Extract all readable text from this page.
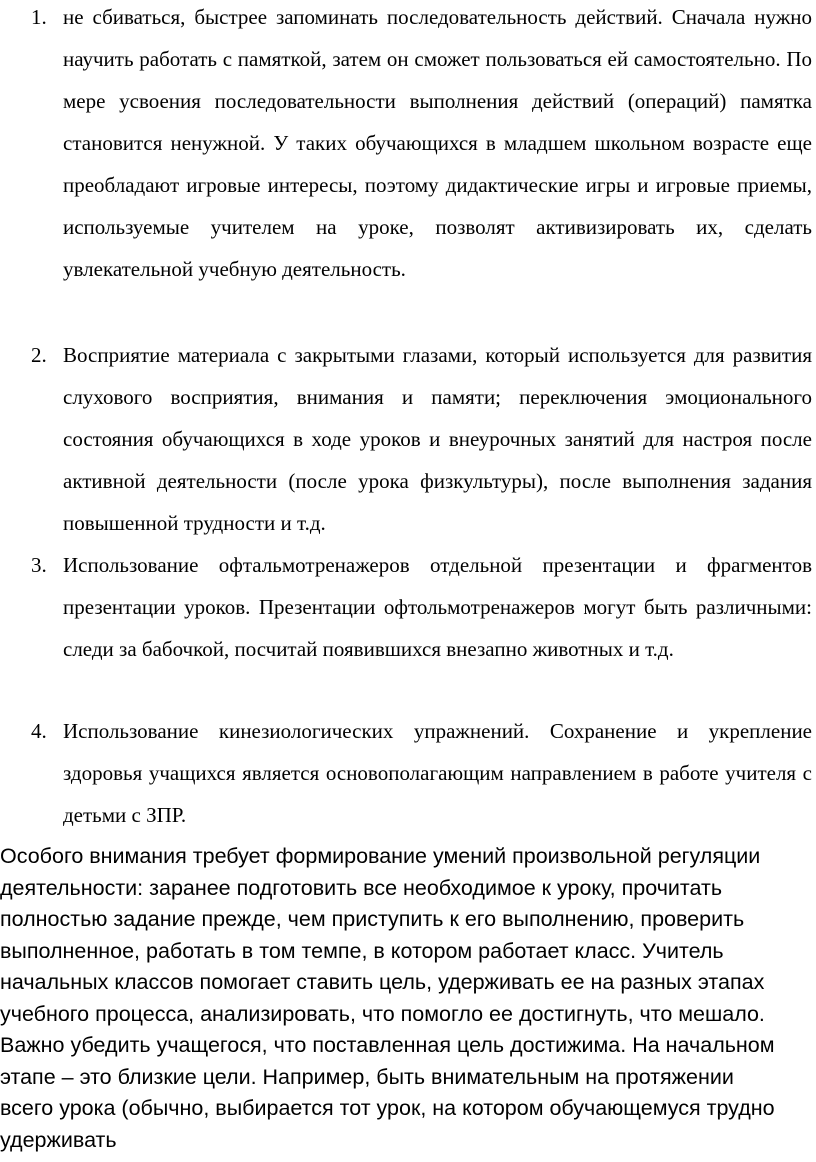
1. не сбиваться, быстрее запоминать последовательность действий. Сначала нужно научить работать с памяткой, затем он сможет пользоваться ей самостоятельно. По мере усвоения последовательности выполнения действий (операций) памятка становится ненужной. У таких обучающихся в младшем школьном возрасте еще преобладают игровые интересы, поэтому дидактические игры и игровые приемы, используемые учителем на уроке, позволят активизировать их, сделать увлекательной учебную деятельность.
2. Восприятие материала с закрытыми глазами, который используется для развития слухового восприятия, внимания и памяти; переключения эмоционального состояния обучающихся в ходе уроков и внеурочных занятий для настроя после активной деятельности (после урока физкультуры), после выполнения задания повышенной трудности и т.д.
3. Использование офтальмотренажеров отдельной презентации и фрагментов презентации уроков. Презентации офтольмотренажеров могут быть различными: следи за бабочкой, посчитай появившихся внезапно животных и т.д.
4. Использование кинезиологических упражнений. Сохранение и укрепление здоровья учащихся является основополагающим направлением в работе учителя с детьми с ЗПР.

Особого внимания требует формирование умений произвольной регуляции
деятельности: заранее подготовить все необходимое к уроку, прочитать
полностью задание прежде, чем приступить к его выполнению, проверить
выполненное, работать в том темпе, в котором работает класс. Учитель
начальных классов помогает ставить цель, удерживать ее на разных этапах
учебного процесса, анализировать, что помогло ее достигнуть, что мешало.
Важно убедить учащегося, что поставленная цель достижима. На начальном
этапе – это близкие цели. Например, быть внимательным на протяжении
всего урока (обычно, выбирается тот урок, на котором обучающемуся трудно
удерживать
